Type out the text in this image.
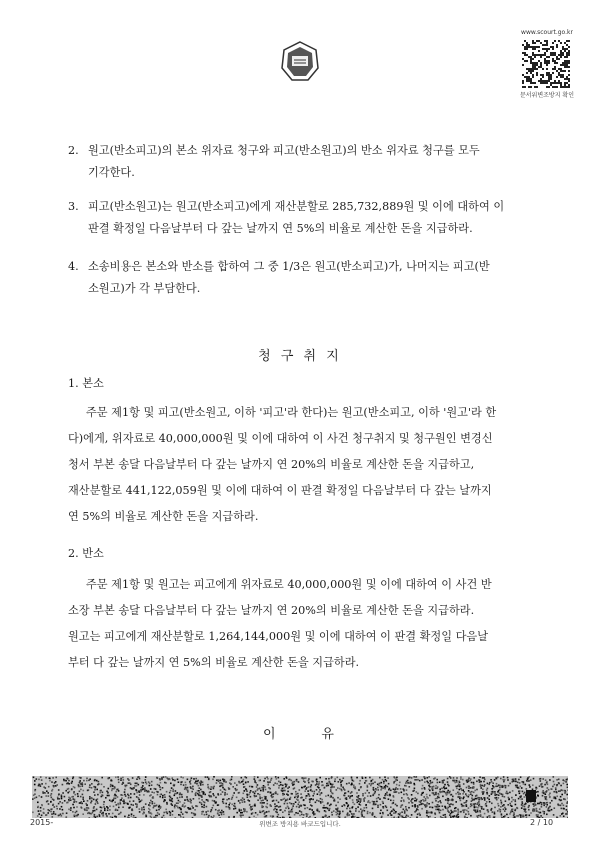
www.scourt.go.kr
문서위변조방지 확인
2. 원고(반소피고)의 본소 위자료 청구와 피고(반소원고)의 반소 위자료 청구를 모두
기각한다.
3. 피고(반소원고)는 원고(반소피고)에게 재산분할로 285,732,889원 및 이에 대하여 이
판결 확정일 다음날부터 다 갚는 날까지 연 5%의 비율로 계산한 돈을 지급하라.
4. 소송비용은 본소와 반소를 합하여 그 중 1/3은 원고(반소피고)가, 나머지는 피고(반
소원고)가 각 부담한다.
청 구 취 지
1. 본소
주문 제1항 및 피고(반소원고, 이하 '피고'라 한다)는 원고(반소피고, 이하 '원고'라 한
다)에게, 위자료로 40,000,000원 및 이에 대하여 이 사건 청구취지 및 청구원인 변경신
청서 부본 송달 다음날부터 다 갚는 날까지 연 20%의 비율로 계산한 돈을 지급하고,
재산분할로 441,122,059원 및 이에 대하여 이 판결 확정일 다음날부터 다 갚는 날까지
연 5%의 비율로 계산한 돈을 지급하라.
2. 반소
주문 제1항 및 원고는 피고에게 위자료로 40,000,000원 및 이에 대하여 이 사건 반
소장 부본 송달 다음날부터 다 갚는 날까지 연 20%의 비율로 계산한 돈을 지급하라.
원고는 피고에게 재산분할로 1,264,144,000원 및 이에 대하여 이 판결 확정일 다음날
부터 다 갚는 날까지 연 5%의 비율로 계산한 돈을 지급하라.
이      유
2015-	위변조 방지용 바코드입니다.	2 / 10
